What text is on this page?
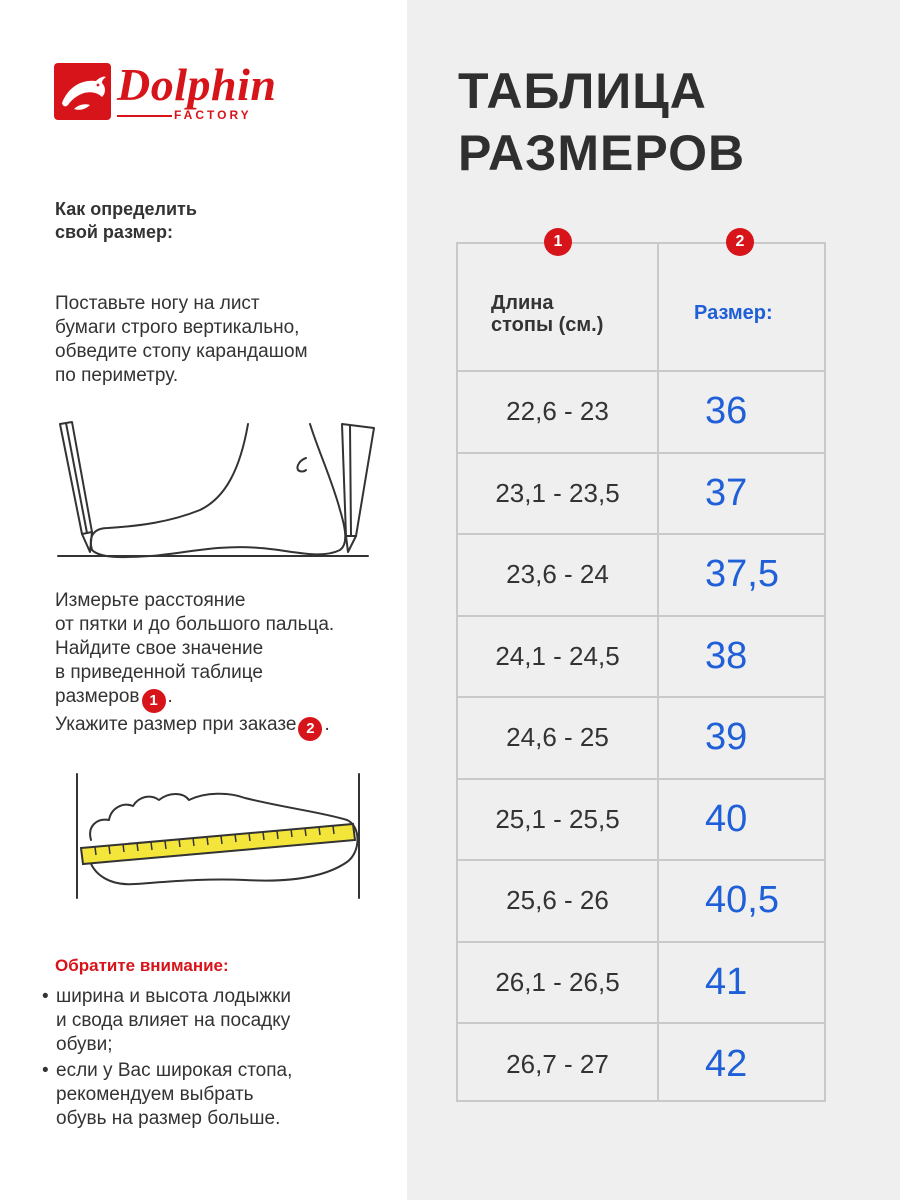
Dolphin
FACTORY
Как определить
свой размер:
Поставьте ногу на лист
бумаги строго вертикально,
обведите стопу карандашом
по периметру.
Измерьте расстояние
от пятки и до большого пальца.
Найдите свое значение
в приведенной таблице
размеров 1 .
Укажите размер при заказе 2 .
Обратите внимание:
• ширина и высота лодыжки
и свода влияет на посадку
обуви;
• если у Вас широкая стопа,
рекомендуем выбрать
обувь на размер больше.
ТАБЛИЦА
РАЗМЕРОВ
1	2
Длина
стопы (см.)
Размер:
22,6 - 23	36
23,1 - 23,5	37
23,6 - 24	37,5
24,1 - 24,5	38
24,6 - 25	39
25,1 - 25,5	40
25,6 - 26	40,5
26,1 - 26,5	41
26,7 - 27	42
